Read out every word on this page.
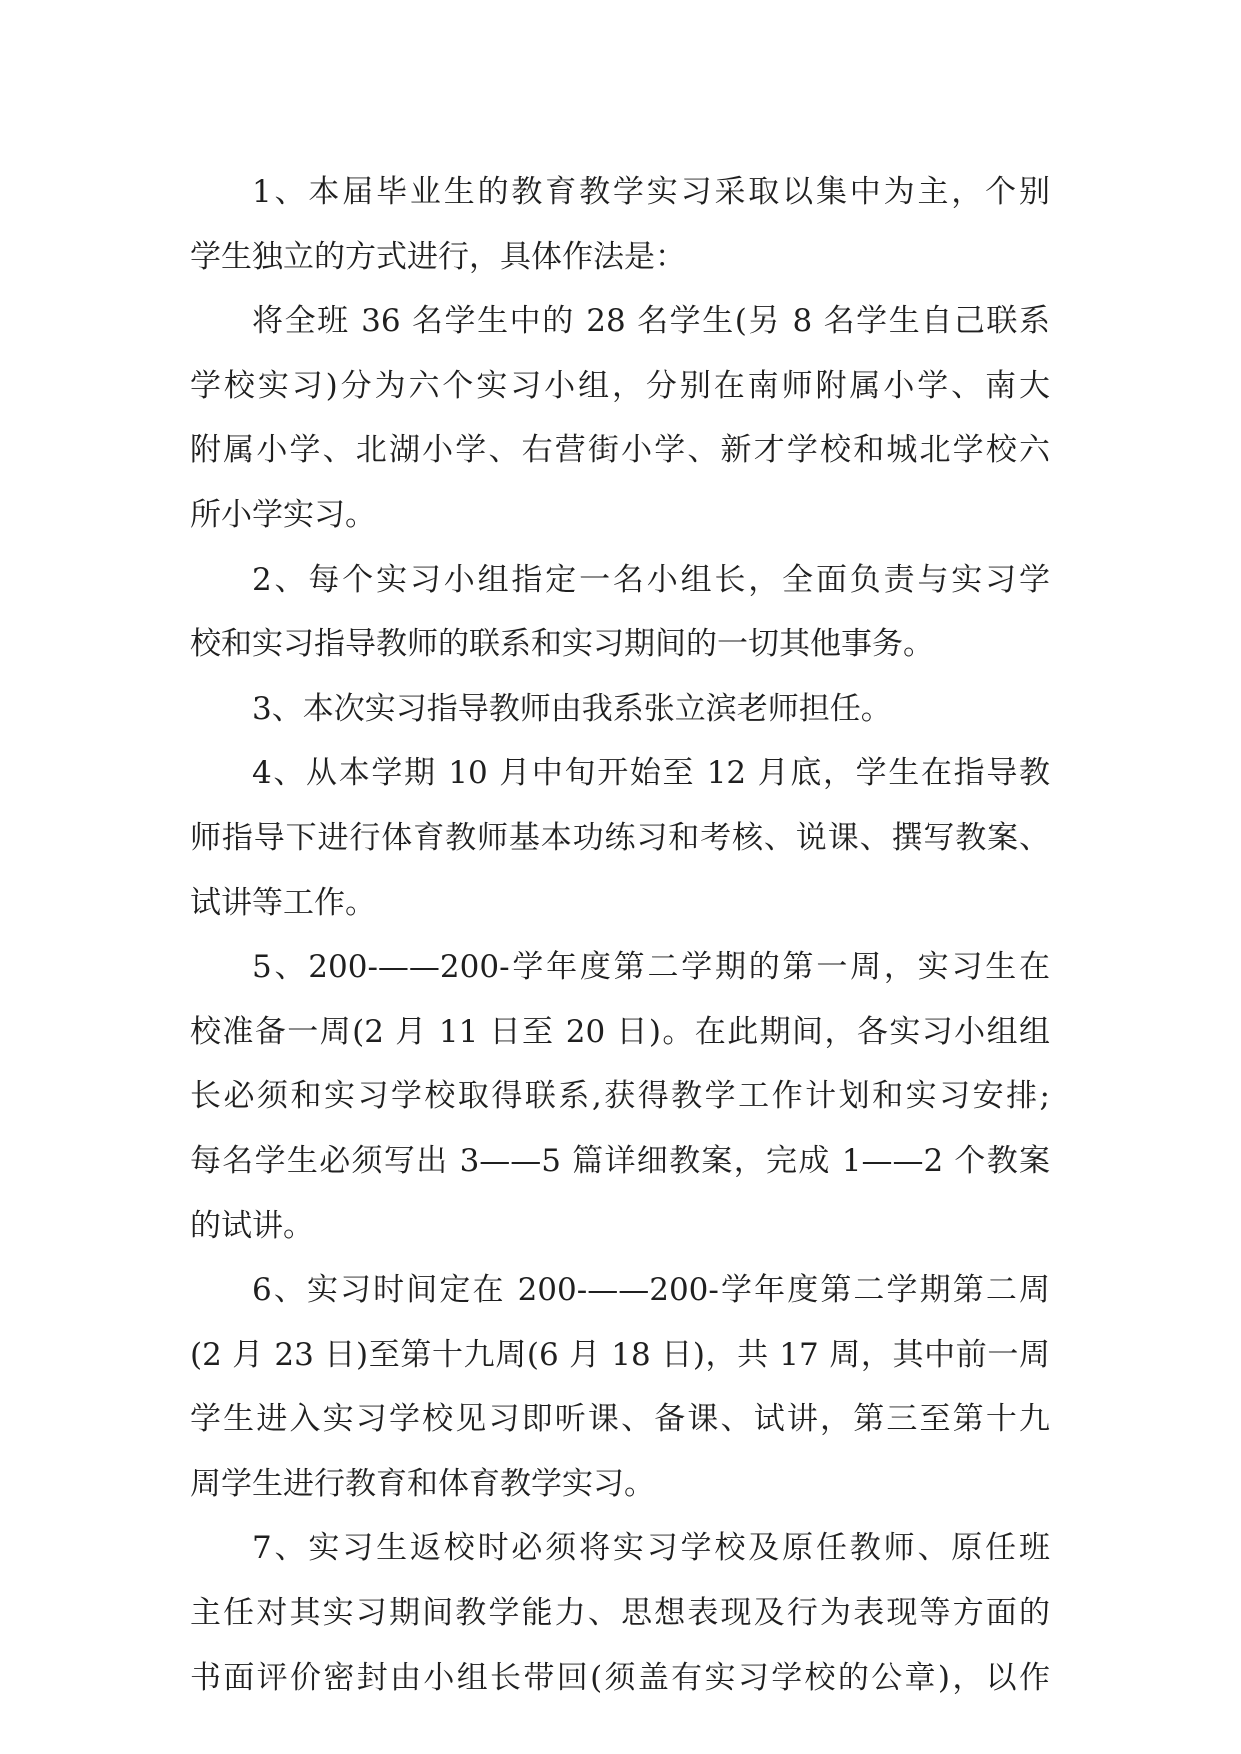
1、本届毕业生的教育教学实习采取以集中为主，个别
学生独立的方式进行，具体作法是：
将全班 36 名学生中的 28 名学生(另 8 名学生自己联系
学校实习)分为六个实习小组，分别在南师附属小学、南大
附属小学、北湖小学、右营街小学、新才学校和城北学校六
所小学实习。
2、每个实习小组指定一名小组长，全面负责与实习学
校和实习指导教师的联系和实习期间的一切其他事务。
3、本次实习指导教师由我系张立滨老师担任。
4、从本学期 10 月中旬开始至 12 月底，学生在指导教
师指导下进行体育教师基本功练习和考核、说课、撰写教案、
试讲等工作。
5、200-——200-学年度第二学期的第一周，实习生在
校准备一周(2 月 11 日至 20 日)。在此期间，各实习小组组
长必须和实习学校取得联系,获得教学工作计划和实习安排;
每名学生必须写出 3——5 篇详细教案，完成 1——2 个教案
的试讲。
6、实习时间定在 200-——200-学年度第二学期第二周
(2 月 23 日)至第十九周(6 月 18 日)，共 17 周，其中前一周
学生进入实习学校见习即听课、备课、试讲，第三至第十九
周学生进行教育和体育教学实习。
7、实习生返校时必须将实习学校及原任教师、原任班
主任对其实习期间教学能力、思想表现及行为表现等方面的
书面评价密封由小组长带回(须盖有实习学校的公章)，以作
